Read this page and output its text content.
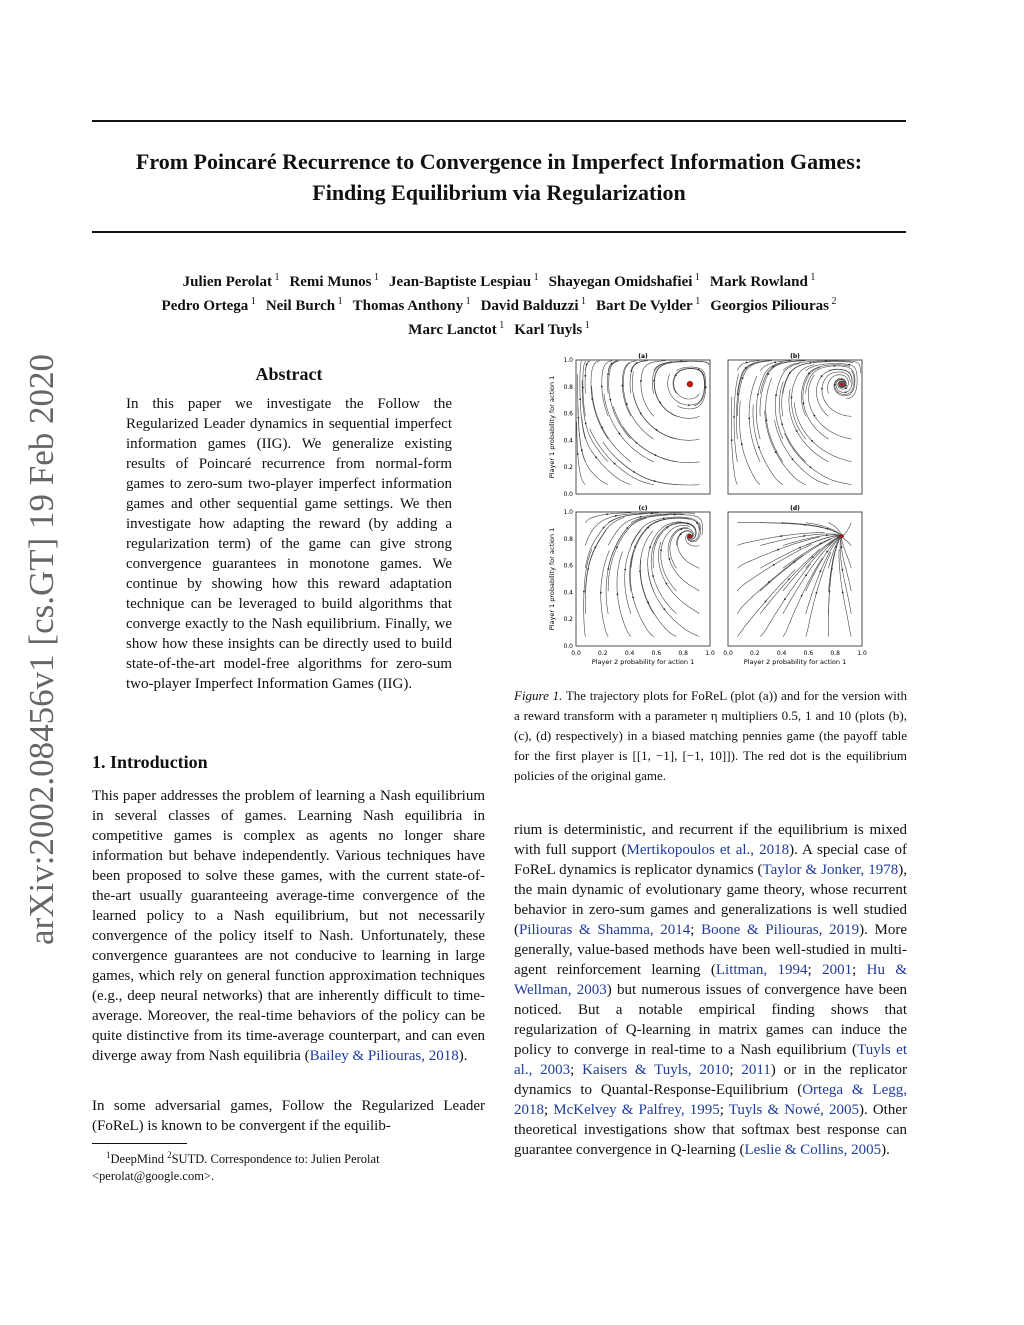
From Poincaré Recurrence to Convergence in Imperfect Information Games:
Finding Equilibrium via Regularization
Julien Perolat $^1$ Remi Munos $^1$ Jean-Baptiste Lespiau $^1$ Shayegan Omidshafiei $^1$ Mark Rowland $^1$
Pedro Ortega $^1$ Neil Burch $^1$ Thomas Anthony $^1$ David Balduzzi $^1$ Bart De Vylder $^1$ Georgios Piliouras $^2$
Marc Lanctot $^1$ Karl Tuyls $^1$
arXiv:2002.08456v1 [cs.GT] 19 Feb 2020	Abstract
In this paper we investigate the Follow the Regularized Leader dynamics in sequential imperfect information games (IIG). We generalize existing results of Poincaré recurrence from normal-form games to zero-sum two-player imperfect information games and other sequential game settings. We then investigate how adapting the reward (by adding a regularization term) of the game can give strong convergence guarantees in monotone games. We continue by showing how this reward adaptation technique can be leveraged to build algorithms that converge exactly to the Nash equilibrium. Finally, we show how these insights can be directly used to build state-of-the-art model-free algorithms for zero-sum two-player Imperfect Information Games (IIG).
1. Introduction
This paper addresses the problem of learning a Nash equilibrium in several classes of games. Learning Nash equilibria in competitive games is complex as agents no longer share information but behave independently. Various techniques have been proposed to solve these games, with the current state-of-the-art usually guaranteeing average-time convergence of the learned policy to a Nash equilibrium, but not necessarily convergence of the policy itself to Nash. Unfortunately, these convergence guarantees are not conducive to learning in large games, which rely on general function approximation techniques (e.g., deep neural networks) that are inherently difficult to time-average. Moreover, the real-time behaviors of the policy can be quite distinctive from its time-average counterpart, and can even diverge away from Nash equilibria (Bailey & Piliouras, 2018).
In some adversarial games, Follow the Regularized Leader (FoReL) is known to be convergent if the equilib-
$^1$DeepMind $^2$SUTD. Correspondence to: Julien Perolat <perolat@google.com>.
(a)
0.0
0.2
0.4
0.6
0.8
1.0
Player 1 probability for action 1
(b)
(c)
0.0
0.2
0.4
0.6
0.8
1.0
Player 1 probability for action 1
0.0	0.2	0.4	0.6	0.8	1.0
Player 2 probability for action 1
(d)
0.0	0.2	0.4	0.6	0.8	1.0
Player 2 probability for action 1
Figure 1. The trajectory plots for FoReL (plot (a)) and for the version with a reward transform with a parameter η multipliers 0.5, 1 and 10 (plots (b), (c), (d) respectively) in a biased matching pennies game (the payoff table for the first player is [[1, −1], [−1, 10]]). The red dot is the equilibrium policies of the original game.
rium is deterministic, and recurrent if the equilibrium is mixed with full support (Mertikopoulos et al., 2018). A special case of FoReL dynamics is replicator dynamics (Taylor & Jonker, 1978), the main dynamic of evolutionary game theory, whose recurrent behavior in zero-sum games and generalizations is well studied (Piliouras & Shamma, 2014; Boone & Piliouras, 2019). More generally, value-based methods have been well-studied in multi-agent reinforcement learning (Littman, 1994; 2001; Hu & Wellman, 2003) but numerous issues of convergence have been noticed. But a notable empirical finding shows that regularization of Q-learning in matrix games can induce the policy to converge in real-time to a Nash equilibrium (Tuyls et al., 2003; Kaisers & Tuyls, 2010; 2011) or in the replicator dynamics to Quantal-Response-Equilibrium (Ortega & Legg, 2018; McKelvey & Palfrey, 1995; Tuyls & Nowé, 2005). Other theoretical investigations show that softmax best response can guarantee convergence in Q-learning (Leslie & Collins, 2005).
